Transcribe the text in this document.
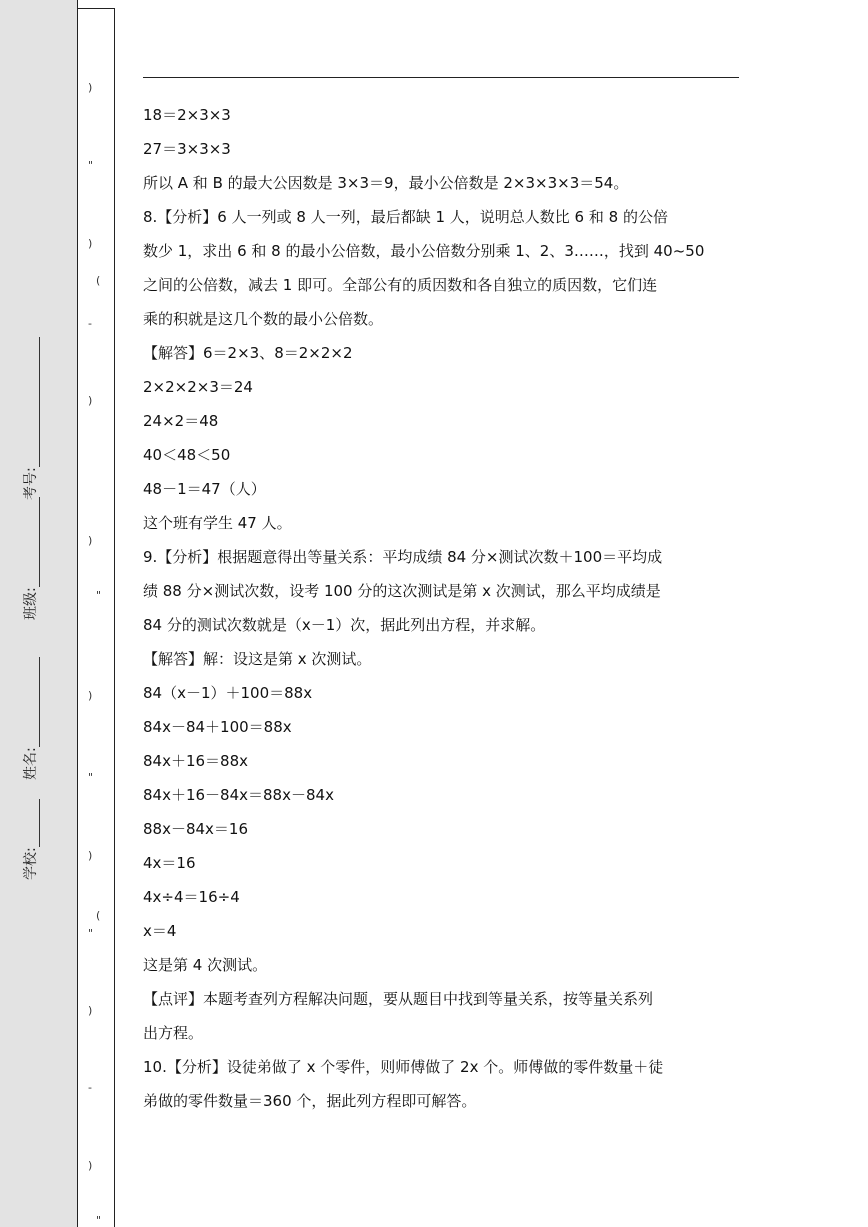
学校:
姓名:
班级:
考号:
)
"
)
(
-
)
)
"
)
"
)
(
"
)
-
)
"

18＝2×3×3

27＝3×3×3

所以 A 和 B 的最大公因数是 3×3＝9，最小公倍数是 2×3×3×3＝54。

8.【分析】6 人一列或 8 人一列，最后都缺 1 人，说明总人数比 6 和 8 的公倍

数少 1，求出 6 和 8 的最小公倍数，最小公倍数分别乘 1、2、3……，找到 40~50

之间的公倍数，减去 1 即可。全部公有的质因数和各自独立的质因数，它们连

乘的积就是这几个数的最小公倍数。

【解答】6＝2×3、8＝2×2×2

2×2×2×3＝24

24×2＝48

40＜48＜50

48－1＝47（人）

这个班有学生 47 人。

9.【分析】根据题意得出等量关系：平均成绩 84 分×测试次数＋100＝平均成

绩 88 分×测试次数，设考 100 分的这次测试是第 x 次测试，那么平均成绩是

84 分的测试次数就是（x－1）次，据此列出方程，并求解。

【解答】解：设这是第 x 次测试。

84（x－1）＋100＝88x

84x－84＋100＝88x

84x＋16＝88x

84x＋16－84x＝88x－84x

88x－84x＝16

4x＝16

4x÷4＝16÷4

x＝4

这是第 4 次测试。

【点评】本题考查列方程解决问题，要从题目中找到等量关系，按等量关系列

出方程。

10.【分析】设徒弟做了 x 个零件，则师傅做了 2x 个。师傅做的零件数量＋徒

弟做的零件数量＝360 个，据此列方程即可解答。
